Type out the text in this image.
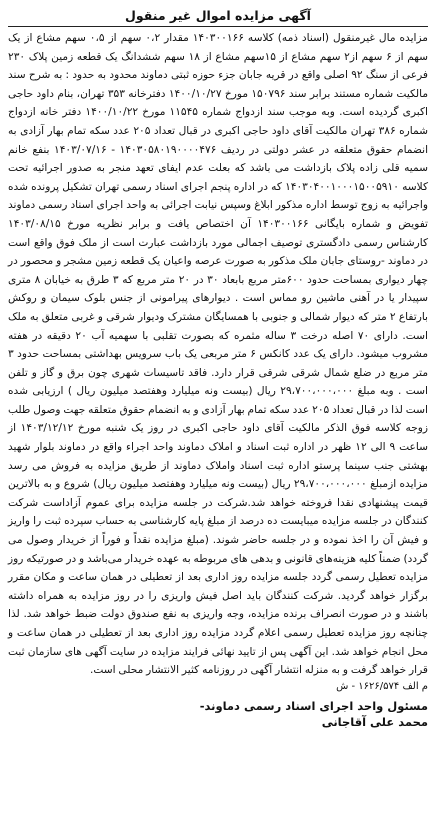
آگهی مزایده اموال غیر منقول
مزایده مال غیرمنقول (اسناد ذمه) کلاسه ۱۴۰۳۰۰۱۶۶ مقدار ۰،۲ سهم از ۰،۵ سهم مشاع از یک سهم از ۶ سهم از۲ سهم مشاع از ۱۵سهم مشاع از ۱۸ سهم ششدانگ یک قطعه زمین پلاک ۲۳۰ فرعی از سنگ ۹۲ اصلی واقع در قریه جابان جزء حوزه ثبتی دماوند محدود به حدود : به شرح سند مالکیت شماره مستند برابر سند ۱۵۰۷۹۶ مورخ ۱۴۰۰/۱۰/۲۷ دفترخانه ۳۵۳ تهران، بنام داود حاجی اکبری گردیده است. وبه موجب سند ازدواج شماره ۱۱۵۴۵ مورخ ۱۴۰۰/۱۰/۲۲ دفتر خانه ازدواج شماره ۳۸۶ تهران مالکیت آقای داود حاجی اکبری در قبال تعداد ۲۰۵ عدد سکه تمام بهار آزادی به انضمام حقوق متعلقه در عشر دولتی در ردیف ۱۴۰۳۰۵۸۰۱۹۰۰۰۰۴۷۶ - ۱۴۰۳/۰۷/۱۶ بنفع خانم سمیه قلی زاده پلاک بازداشت می باشد که بعلت عدم ایفای تعهد منجر به صدور اجرائیه تحت کلاسه ۱۴۰۳۰۴۰۰۱۰۰۰۱۵۰۰۵۹۱۰ که در اداره پنجم اجرای اسناد رسمی تهران تشکیل پرونده شده واجرائیه به زوج توسط اداره مذکور ابلاغ وسپس نیابت اجرائی به واحد اجرای اسناد رسمی دماوند تفویض و شماره بایگانی ۱۴۰۳۰۰۱۶۶ آن اختصاص یافت و برابر نظریه مورخ ۱۴۰۳/۰۸/۱۵ کارشناس رسمی دادگستری توصیف اجمالی مورد بازداشت عبارت است از ملک فوق واقع است در دماوند -روستای جابان ملک مذکور به صورت عرصه واعیان یک قطعه زمین مشجر و محصور در چهار دیواری بمساحت حدود ۶۰۰متر مربع بابعاد ۳۰ در ۲۰ متر مربع که ۳ طرق به خیابان ۸ متری سپیدار یا در آهنی ماشین رو مماس است . دیوارهای پیرامونی از جنس بلوک سیمان و روکش بارتفاع ۲ متر که دیوار شمالی و جنوبی با همسایگان مشترک ودیوار شرقی و غربی متعلق به ملک است. دارای ۷۰ اصله درخت ۳ ساله مثمره که بصورت تقلبی با سهمیه آب ۲۰ دقیقه در هفته مشروب میشود. دارای یک عدد کانکس ۶ متر مربعی یک باب سرویس بهداشتی بمساحت حدود ۳ متر مربع در ضلع شمال شرقی شرقی قرار دارد. فاقد تاسیسات شهری چون برق و گاز و تلفن است . وبه مبلغ ۲۹،۷۰۰،۰۰۰،۰۰۰ ریال (بیست ونه میلیارد وهفتصد میلیون ریال ) ارزیابی شده است لذا در قبال تعداد ۲۰۵ عدد سکه تمام بهار آزادی و به انضمام حقوق متعلقه جهت وصول طلب زوجه کلاسه فوق الذکر مالکیت آقای داود حاجی اکبری در روز یک شنبه مورخ ۱۴۰۳/۱۲/۱۲ از ساعت ۹ الی ۱۲ ظهر در اداره ثبت اسناد و املاک دماوند واحد اجراء واقع در دماوند بلوار شهید بهشتی جنب سینما پرستو اداره ثبت اسناد واملاک دماوند از طریق مزایده به فروش می رسد مزایده ازمبلغ ۲۹،۷۰۰،۰۰۰،۰۰۰ ریال (بیست ونه میلیارد وهفتصد میلیون ریال) شروع و به بالاترین قیمت پیشنهادی نقدا فروخته خواهد شد.شرکت در جلسه مزایده برای عموم آزاداست شرکت کنندگان در جلسه مزایده میبایست ده درصد از مبلغ پایه کارشناسی به حساب سپرده ثبت را واریز و فیش آن را اخذ نموده و در جلسه حاضر شوند. (مبلغ مزایده نقداً و فوراً از خریدار وصول می گردد) ضمناً کلیه هزینه‌های قانونی و بدهی های مربوطه به عهده خریدار می‌باشد و در صورتیکه روز مزایده تعطیل رسمی گردد جلسه مزایده روز اداری بعد از تعطیلی در همان ساعت و مکان مقرر برگزار خواهد گردید. شرکت کنندگان باید اصل فیش واریزی را در روز مزایده به همراه داشته باشند و در صورت انصراف برنده مزایده، وجه واریزی به نفع صندوق دولت ضبط خواهد شد. لذا چنانچه روز مزایده تعطیل رسمی اعلام گردد مزایده روز اداری بعد از تعطیلی در همان ساعت و محل انجام خواهد شد. این آگهی پس از تایید نهائی فرایند مزایده در سایت آگهی های سازمان ثبت قرار خواهد گرفت و به منزله انتشار آگهی در روزنامه کثیر الانتشار محلی است.
م الف ۱۶۲۶/۵۷۴ - ش
مسئول واحد اجرای اسناد رسمی دماوند-
محمد علی آقاجانی
